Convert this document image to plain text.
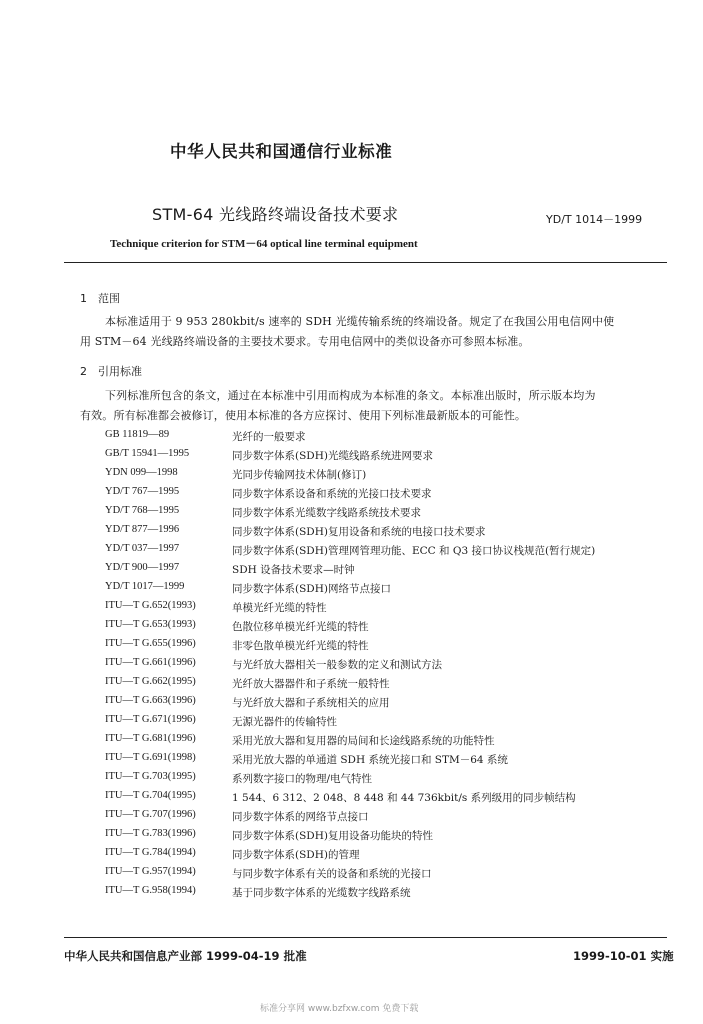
中华人民共和国通信行业标准
STM-64 光线路终端设备技术要求	YD/T 1014－1999
Technique criterion for STM－64 optical line terminal equipment
1　范围
本标准适用于 9 953 280kbit/s 速率的 SDH 光缆传输系统的终端设备。规定了在我国公用电信网中使
用 STM－64 光线路终端设备的主要技术要求。专用电信网中的类似设备亦可参照本标准。
2　引用标准
下列标准所包含的条文，通过在本标准中引用而构成为本标准的条文。本标准出版时，所示版本均为
有效。所有标准都会被修订，使用本标准的各方应探讨、使用下列标准最新版本的可能性。
GB 11819—89	光纤的一般要求
GB/T 15941—1995	同步数字体系(SDH)光缆线路系统进网要求
YDN 099—1998	光同步传输网技术体制(修订)
YD/T 767—1995	同步数字体系设备和系统的光接口技术要求
YD/T 768—1995	同步数字体系光缆数字线路系统技术要求
YD/T 877—1996	同步数字体系(SDH)复用设备和系统的电接口技术要求
YD/T 037—1997	同步数字体系(SDH)管理网管理功能、ECC 和 Q3 接口协议栈规范(暂行规定)
YD/T 900—1997	SDH 设备技术要求—时钟
YD/T 1017—1999	同步数字体系(SDH)网络节点接口
ITU—T G.652(1993)	单模光纤光缆的特性
ITU—T G.653(1993)	色散位移单模光纤光缆的特性
ITU—T G.655(1996)	非零色散单模光纤光缆的特性
ITU—T G.661(1996)	与光纤放大器相关一般参数的定义和测试方法
ITU—T G.662(1995)	光纤放大器器件和子系统一般特性
ITU—T G.663(1996)	与光纤放大器和子系统相关的应用
ITU—T G.671(1996)	无源光器件的传输特性
ITU—T G.681(1996)	采用光放大器和复用器的局间和长途线路系统的功能特性
ITU—T G.691(1998)	采用光放大器的单通道 SDH 系统光接口和 STM－64 系统
ITU—T G.703(1995)	系列数字接口的物理/电气特性
ITU—T G.704(1995)	1 544、6 312、2 048、8 448 和 44 736kbit/s 系列级用的同步帧结构
ITU—T G.707(1996)	同步数字体系的网络节点接口
ITU—T G.783(1996)	同步数字体系(SDH)复用设备功能块的特性
ITU—T G.784(1994)	同步数字体系(SDH)的管理
ITU—T G.957(1994)	与同步数字体系有关的设备和系统的光接口
ITU—T G.958(1994)	基于同步数字体系的光缆数字线路系统
中华人民共和国信息产业部 1999-04-19 批准	1999-10-01 实施
标准分享网 www.bzfxw.com 免费下载
